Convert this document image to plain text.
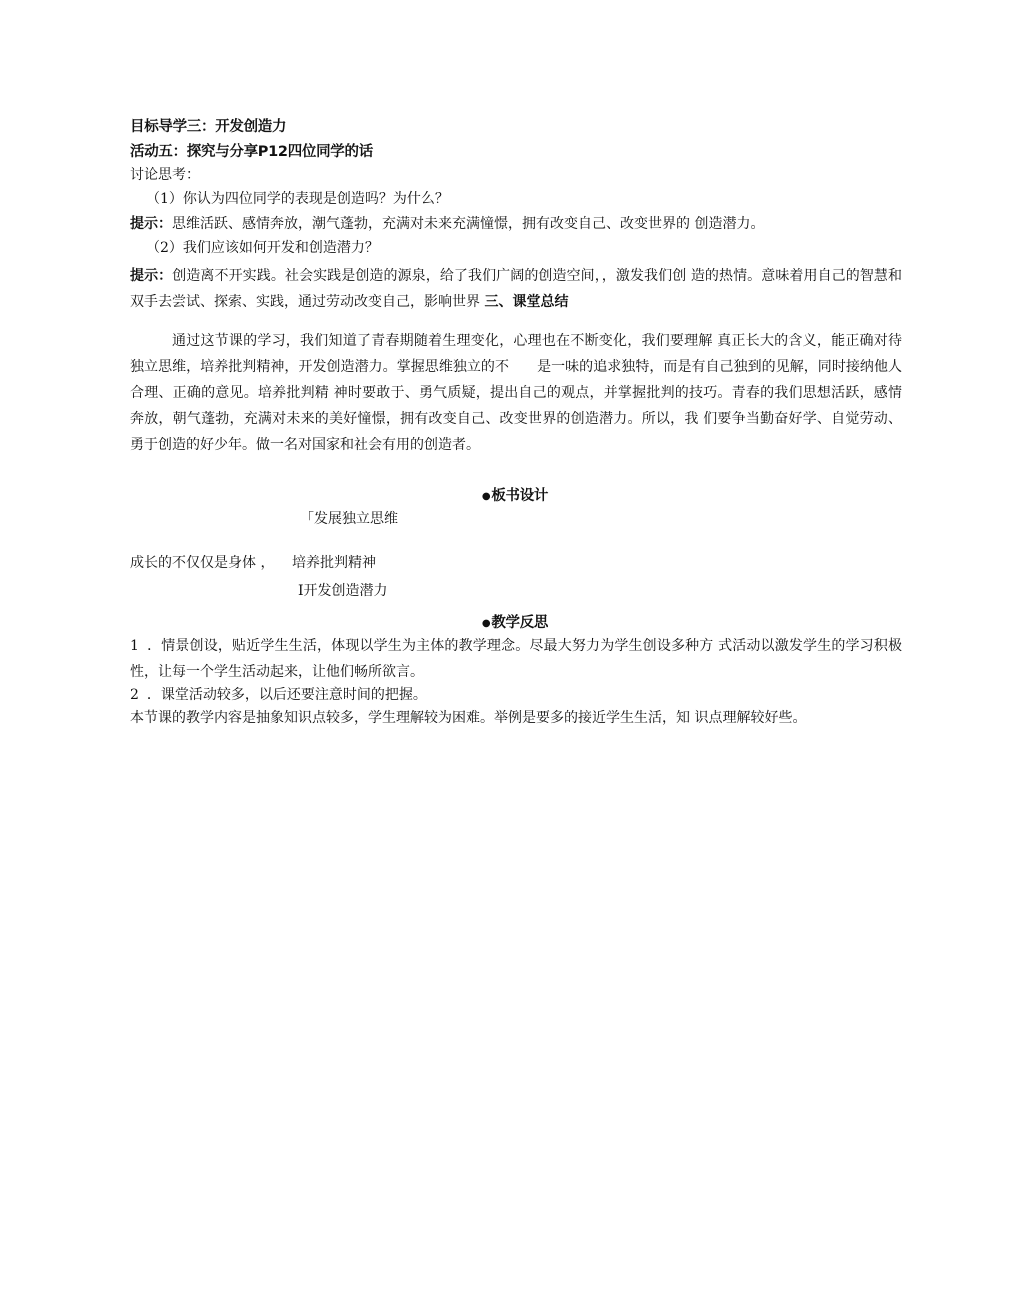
目标导学三：开发创造力
活动五：探究与分享P12四位同学的话
讨论思考：
（1）你认为四位同学的表现是创造吗？为什么？
提示：思维活跃、感情奔放，潮气蓬勃，充满对未来充满憧憬，拥有改变自己、改变世界的 创造潜力。
（2）我们应该如何开发和创造潜力？

提示：创造离不开实践。社会实践是创造的源泉，给了我们广阔的创造空间，，激发我们创 造的热情。意味着用自己的智慧和双手去尝试、探索、实践，通过劳动改变自己，影响世界 三、课堂总结

通过这节课的学习，我们知道了青春期随着生理变化，心理也在不断变化，我们要理解 真正长大的含义，能正确对待独立思维，培养批判精神，开发创造潜力。掌握思维独立的不　　是一味的追求独特，而是有自己独到的见解，同时接纳他人合理、正确的意见。培养批判精 神时要敢于、勇气质疑，提出自己的观点，并掌握批判的技巧。青春的我们思想活跃，感情　　奔放，朝气蓬勃，充满对未来的美好憧憬，拥有改变自己、改变世界的创造潜力。所以，我 们要争当勤奋好学、自觉劳动、勇于创造的好少年。做一名对国家和社会有用的创造者。

●板书设计
「发展独立思维
成长的不仅仅是身体 ， 培养批判精神
I开发创造潜力
●教学反思

1 ．情景创设，贴近学生生活，体现以学生为主体的教学理念。尽最大努力为学生创设多种方 式活动以激发学生的学习积极性，让每一个学生活动起来，让他们畅所欲言。

2 ．课堂活动较多，以后还要注意时间的把握。

本节课的教学内容是抽象知识点较多，学生理解较为困难。举例是要多的接近学生生活，知 识点理解较好些。
